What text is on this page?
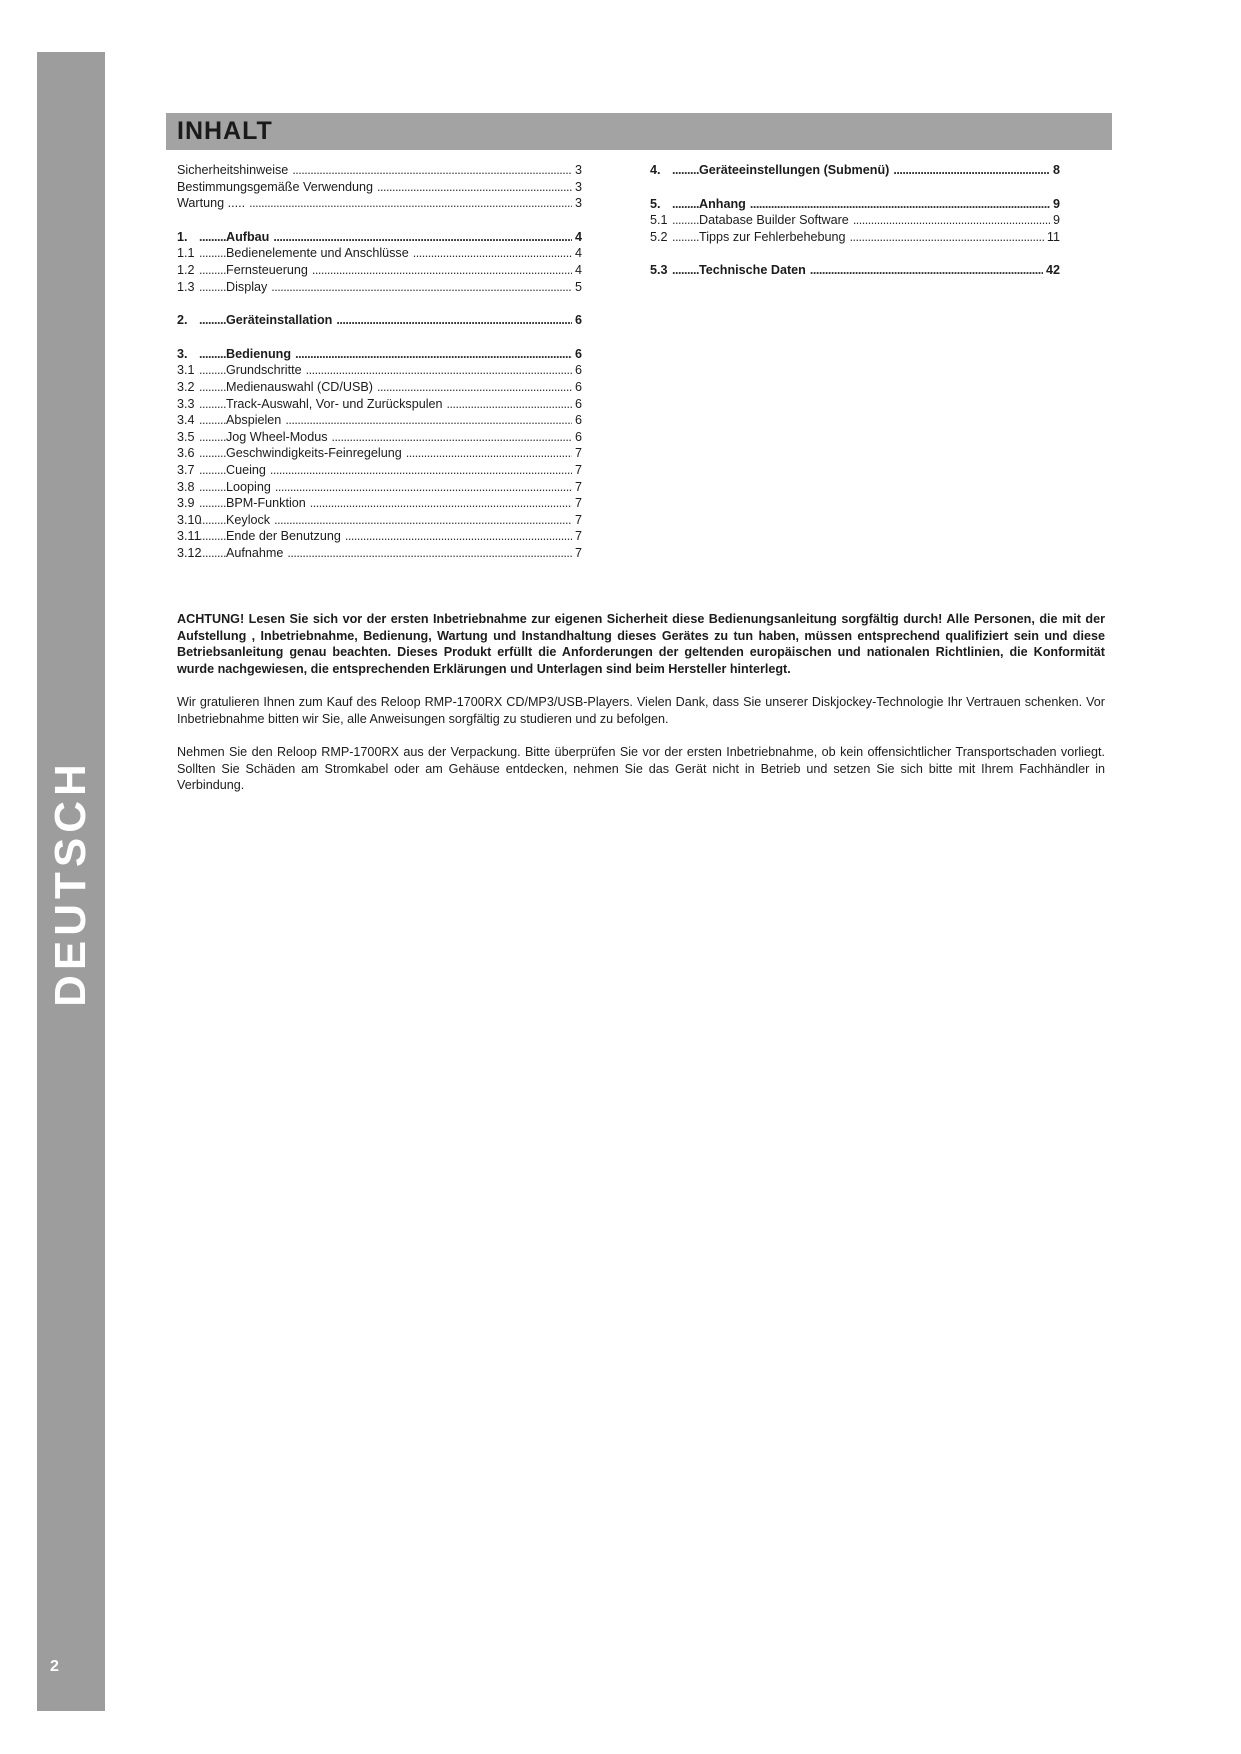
DEUTSCH
2
INHALT
Sicherheitshinweise .....	3
Bestimmungsgemäße Verwendung .....	3
Wartung ..... .....	3
1. .....	Aufbau .....	4
1.1 .....	Bedienelemente und Anschlüsse .....	4
1.2 .....	Fernsteuerung .....	4
1.3 .....	Display .....	5
2. .....	Geräteinstallation .....	6
3. .....	Bedienung .....	6
3.1 .....	Grundschritte .....	6
3.2 .....	Medienauswahl (CD/USB) .....	6
3.3 .....	Track-Auswahl, Vor- und Zurückspulen .....	6
3.4 .....	Abspielen .....	6
3.5 .....	Jog Wheel-Modus .....	6
3.6 .....	Geschwindigkeits-Feinregelung .....	7
3.7 .....	Cueing .....	7
3.8 .....	Looping .....	7
3.9 .....	BPM-Funktion .....	7
3.10 ..... Keylock .....	7
3.11 ..... Ende der Benutzung .....	7
3.12 ..... Aufnahme .....	7
4. .....	Geräteeinstellungen (Submenü) .....	8
5. .....	Anhang .....	9
5.1 .....	Database Builder Software .....	9
5.2 .....	Tipps zur Fehlerbehebung .....	11
5.3 .....	Technische Daten .....	42
ACHTUNG! Lesen Sie sich vor der ersten Inbetriebnahme zur eigenen Sicherheit diese Bedienungsanleitung sorgfältig durch! Alle Personen, die mit der Aufstellung , Inbetriebnahme, Bedienung, Wartung und Instandhaltung dieses Gerätes zu tun haben, müssen entsprechend qualifiziert sein und diese Betriebsanleitung genau beachten. Dieses Produkt erfüllt die Anforderungen der geltenden europäischen und nationalen Richtlinien, die Konformität wurde nachgewiesen, die entsprechenden Erklärungen und Unterlagen sind beim Hersteller hinterlegt.
Wir gratulieren Ihnen zum Kauf des Reloop RMP-1700RX CD/MP3/USB-Players. Vielen Dank, dass Sie unserer Diskjockey-Technologie Ihr Vertrauen schenken. Vor Inbetriebnahme bitten wir Sie, alle Anweisungen sorgfältig zu studieren und zu befolgen.
Nehmen Sie den Reloop RMP-1700RX aus der Verpackung. Bitte überprüfen Sie vor der ersten Inbetriebnahme, ob kein offensichtlicher Transportschaden vorliegt. Sollten Sie Schäden am Stromkabel oder am Gehäuse entdecken, nehmen Sie das Gerät nicht in Betrieb und setzen Sie sich bitte mit Ihrem Fachhändler in Verbindung.
